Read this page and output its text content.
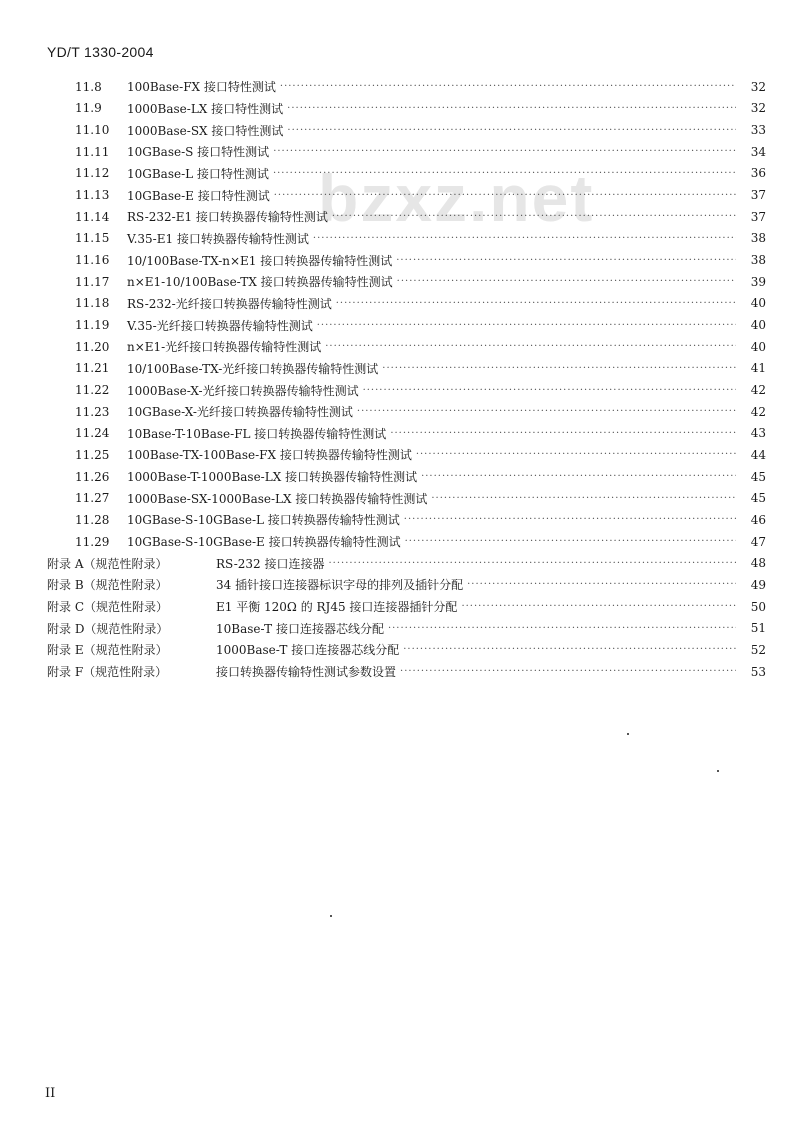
YD/T 1330-2004
bzxz.net
11.8	100Base-FX 接口特性测试 ·····	32
11.9	1000Base-LX 接口特性测试 ·····	32
11.10	1000Base-SX 接口特性测试 ·····	33
11.11	10GBase-S 接口特性测试 ·····	34
11.12	10GBase-L 接口特性测试 ·····	36
11.13	10GBase-E 接口特性测试 ·····	37
11.14	RS-232-E1 接口转换器传输特性测试 ·····	37
11.15	V.35-E1 接口转换器传输特性测试 ·····	38
11.16	10/100Base-TX-n×E1 接口转换器传输特性测试 ·····	38
11.17	n×E1-10/100Base-TX 接口转换器传输特性测试 ·····	39
11.18	RS-232-光纤接口转换器传输特性测试 ·····	40
11.19	V.35-光纤接口转换器传输特性测试 ·····	40
11.20	n×E1-光纤接口转换器传输特性测试 ·····	40
11.21	10/100Base-TX-光纤接口转换器传输特性测试 ·····	41
11.22	1000Base-X-光纤接口转换器传输特性测试 ·····	42
11.23	10GBase-X-光纤接口转换器传输特性测试 ·····	42
11.24	10Base-T-10Base-FL 接口转换器传输特性测试 ·····	43
11.25	100Base-TX-100Base-FX 接口转换器传输特性测试 ·····	44
11.26	1000Base-T-1000Base-LX 接口转换器传输特性测试 ·····	45
11.27	1000Base-SX-1000Base-LX 接口转换器传输特性测试 ·····	45
11.28	10GBase-S-10GBase-L 接口转换器传输特性测试 ·····	46
11.29	10GBase-S-10GBase-E 接口转换器传输特性测试 ·····	47
附录 A（规范性附录）	RS-232 接口连接器 ·····	48
附录 B（规范性附录）	34 插针接口连接器标识字母的排列及插针分配 ·····	49
附录 C（规范性附录）	E1 平衡 120Ω 的 RJ45 接口连接器插针分配 ·····	50
附录 D（规范性附录）	10Base-T 接口连接器芯线分配 ·····	51
附录 E（规范性附录）	1000Base-T 接口连接器芯线分配 ·····	52
附录 F（规范性附录）	接口转换器传输特性测试参数设置 ·····	53
II
